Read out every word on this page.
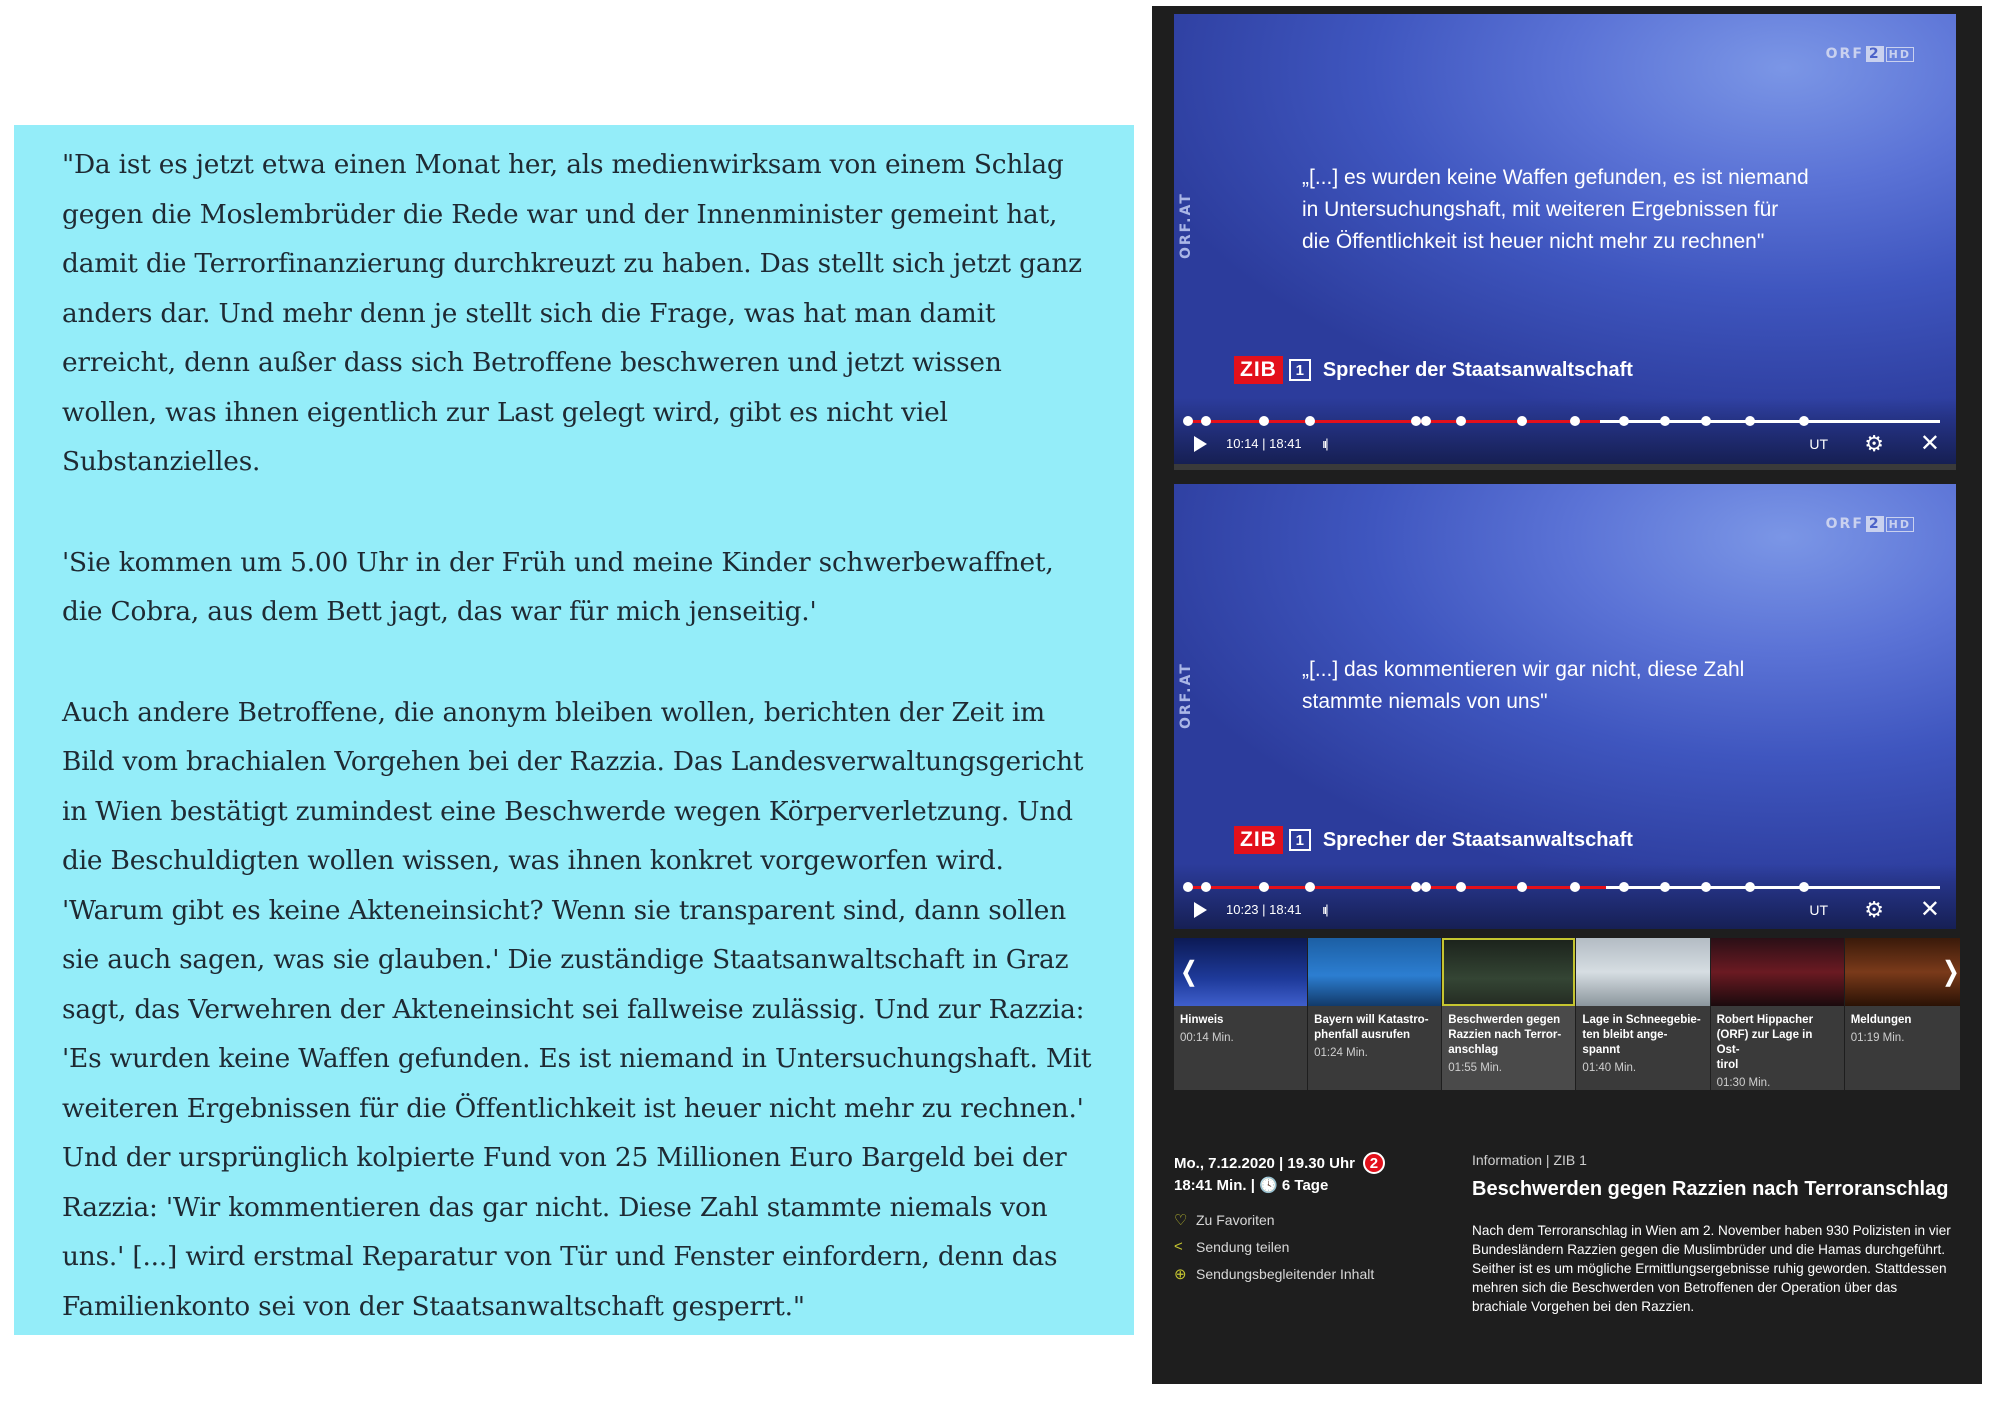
"Da ist es jetzt etwa einen Monat her, als medienwirksam von einem Schlag
gegen die Moslembrüder die Rede war und der Innenminister gemeint hat,
damit die Terrorfinanzierung durchkreuzt zu haben. Das stellt sich jetzt ganz
anders dar. Und mehr denn je stellt sich die Frage, was hat man damit
erreicht, denn außer dass sich Betroffene beschweren und jetzt wissen
wollen, was ihnen eigentlich zur Last gelegt wird, gibt es nicht viel
Substanzielles.

'Sie kommen um 5.00 Uhr in der Früh und meine Kinder schwerbewaffnet,
die Cobra, aus dem Bett jagt, das war für mich jenseitig.'

Auch andere Betroffene, die anonym bleiben wollen, berichten der Zeit im
Bild vom brachialen Vorgehen bei der Razzia. Das Landesverwaltungsgericht
in Wien bestätigt zumindest eine Beschwerde wegen Körperverletzung. Und
die Beschuldigten wollen wissen, was ihnen konkret vorgeworfen wird.
'Warum gibt es keine Akteneinsicht? Wenn sie transparent sind, dann sollen
sie auch sagen, was sie glauben.' Die zuständige Staatsanwaltschaft in Graz
sagt, das Verwehren der Akteneinsicht sei fallweise zulässig. Und zur Razzia:
'Es wurden keine Waffen gefunden. Es ist niemand in Untersuchungshaft. Mit
weiteren Ergebnissen für die Öffentlichkeit ist heuer nicht mehr zu rechnen.'
Und der ursprünglich kolpierte Fund von 25 Millionen Euro Bargeld bei der
Razzia: 'Wir kommentieren das gar nicht. Diese Zahl stammte niemals von
uns.' [...] wird erstmal Reparatur von Tür und Fenster einfordern, denn das
Familienkonto sei von der Staatsanwaltschaft gesperrt."

ORF 2 HD
ORF.AT
„[...] es wurden keine Waffen gefunden, es ist niemand
in Untersuchungshaft, mit weiteren Ergebnissen für
die Öffentlichkeit ist heuer nicht mehr zu rechnen"
ZIB	1 Sprecher der Staatsanwaltschaft
10:14 | 18:41 ıı|	UT ⚙ ✕
ORF 2 HD
ORF.AT	„[...] das kommentieren wir gar nicht, diese Zahl
stammte niemals von uns"
ZIB	1 Sprecher der Staatsanwaltschaft
10:23 | 18:41 ıı|	UT ⚙ ✕
Hinweis
00:14 Min.
Bayern will Katastro-
phenfall ausrufen
01:24 Min.
Beschwerden gegen
Razzien nach Terror-
anschlag
01:55 Min.
Lage in Schneegebie-
ten bleibt ange-
spannt
01:40 Min.
Robert Hippacher
(ORF) zur Lage in Ost-
tirol
01:30 Min.
Meldungen
01:19 Min.
❬	❭
Mo., 7.12.2020 | 19.30 Uhr 2
18:41 Min. | 🕓 6 Tage
♡ Zu Favoriten
< Sendung teilen
⊕ Sendungsbegleitender Inhalt
Information | ZIB 1
Beschwerden gegen Razzien nach Terroranschlag
Nach dem Terroranschlag in Wien am 2. November haben 930 Polizisten in vier Bundesländern Razzien gegen die Muslimbrüder und die Hamas durchgeführt. Seither ist es um mögliche Ermittlungsergebnisse ruhig geworden. Stattdessen mehren sich die Beschwerden von Betroffenen der Operation über das brachiale Vorgehen bei den Razzien.
